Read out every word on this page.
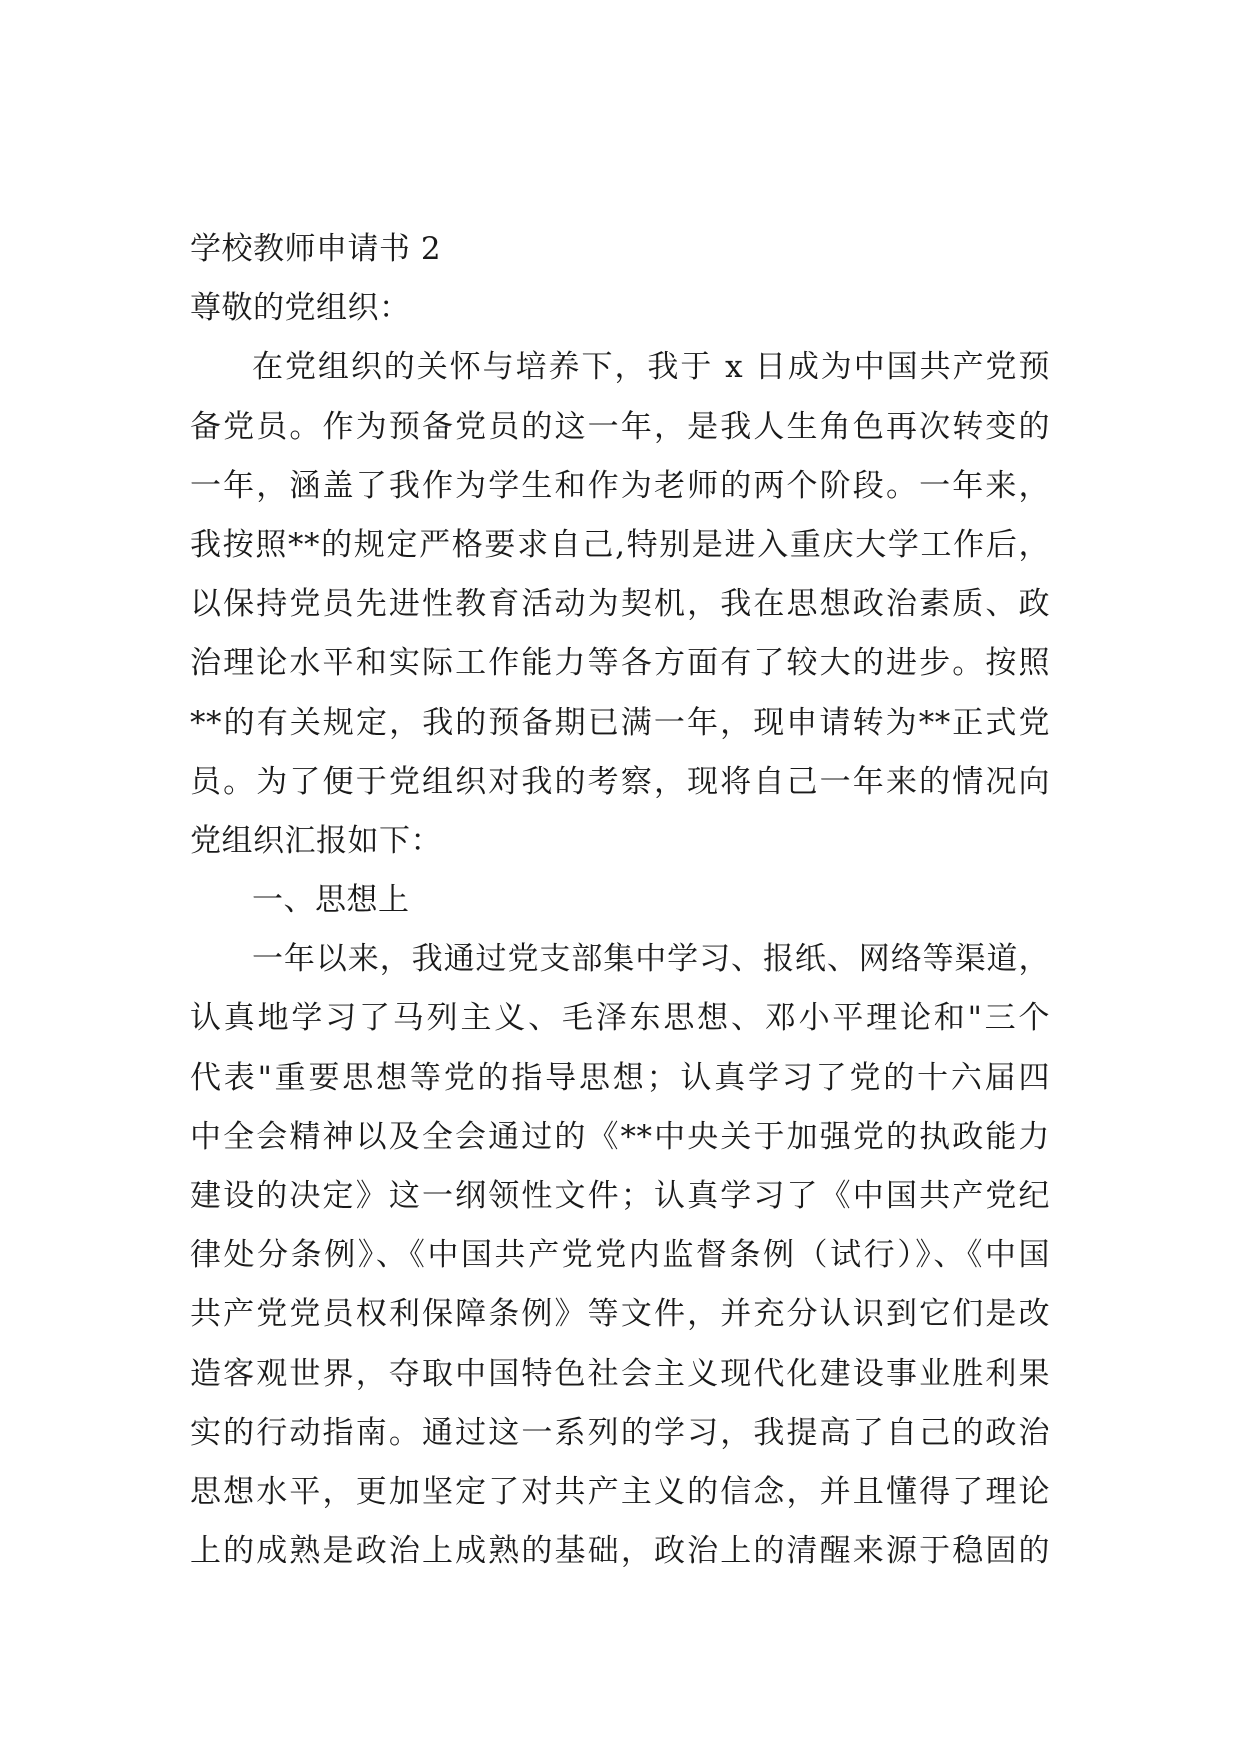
学校教师申请书 2
尊敬的党组织：
在党组织的关怀与培养下，我于 x 日成为中国共产党预
备党员。作为预备党员的这一年，是我人生角色再次转变的
一年，涵盖了我作为学生和作为老师的两个阶段。一年来，
我按照**的规定严格要求自己,特别是进入重庆大学工作后，
以保持党员先进性教育活动为契机，我在思想政治素质、政
治理论水平和实际工作能力等各方面有了较大的进步。按照
**的有关规定，我的预备期已满一年，现申请转为**正式党
员。为了便于党组织对我的考察，现将自己一年来的情况向
党组织汇报如下：
一、思想上
一年以来，我通过党支部集中学习、报纸、网络等渠道，
认真地学习了马列主义、毛泽东思想、邓小平理论和"三个
代表"重要思想等党的指导思想；认真学习了党的十六届四
中全会精神以及全会通过的《**中央关于加强党的执政能力
建设的决定》这一纲领性文件；认真学习了《中国共产党纪
律处分条例》、《中国共产党党内监督条例（试行）》、《中国
共产党党员权利保障条例》等文件，并充分认识到它们是改
造客观世界，夺取中国特色社会主义现代化建设事业胜利果
实的行动指南。通过这一系列的学习，我提高了自己的政治
思想水平，更加坚定了对共产主义的信念，并且懂得了理论
上的成熟是政治上成熟的基础，政治上的清醒来源于稳固的
